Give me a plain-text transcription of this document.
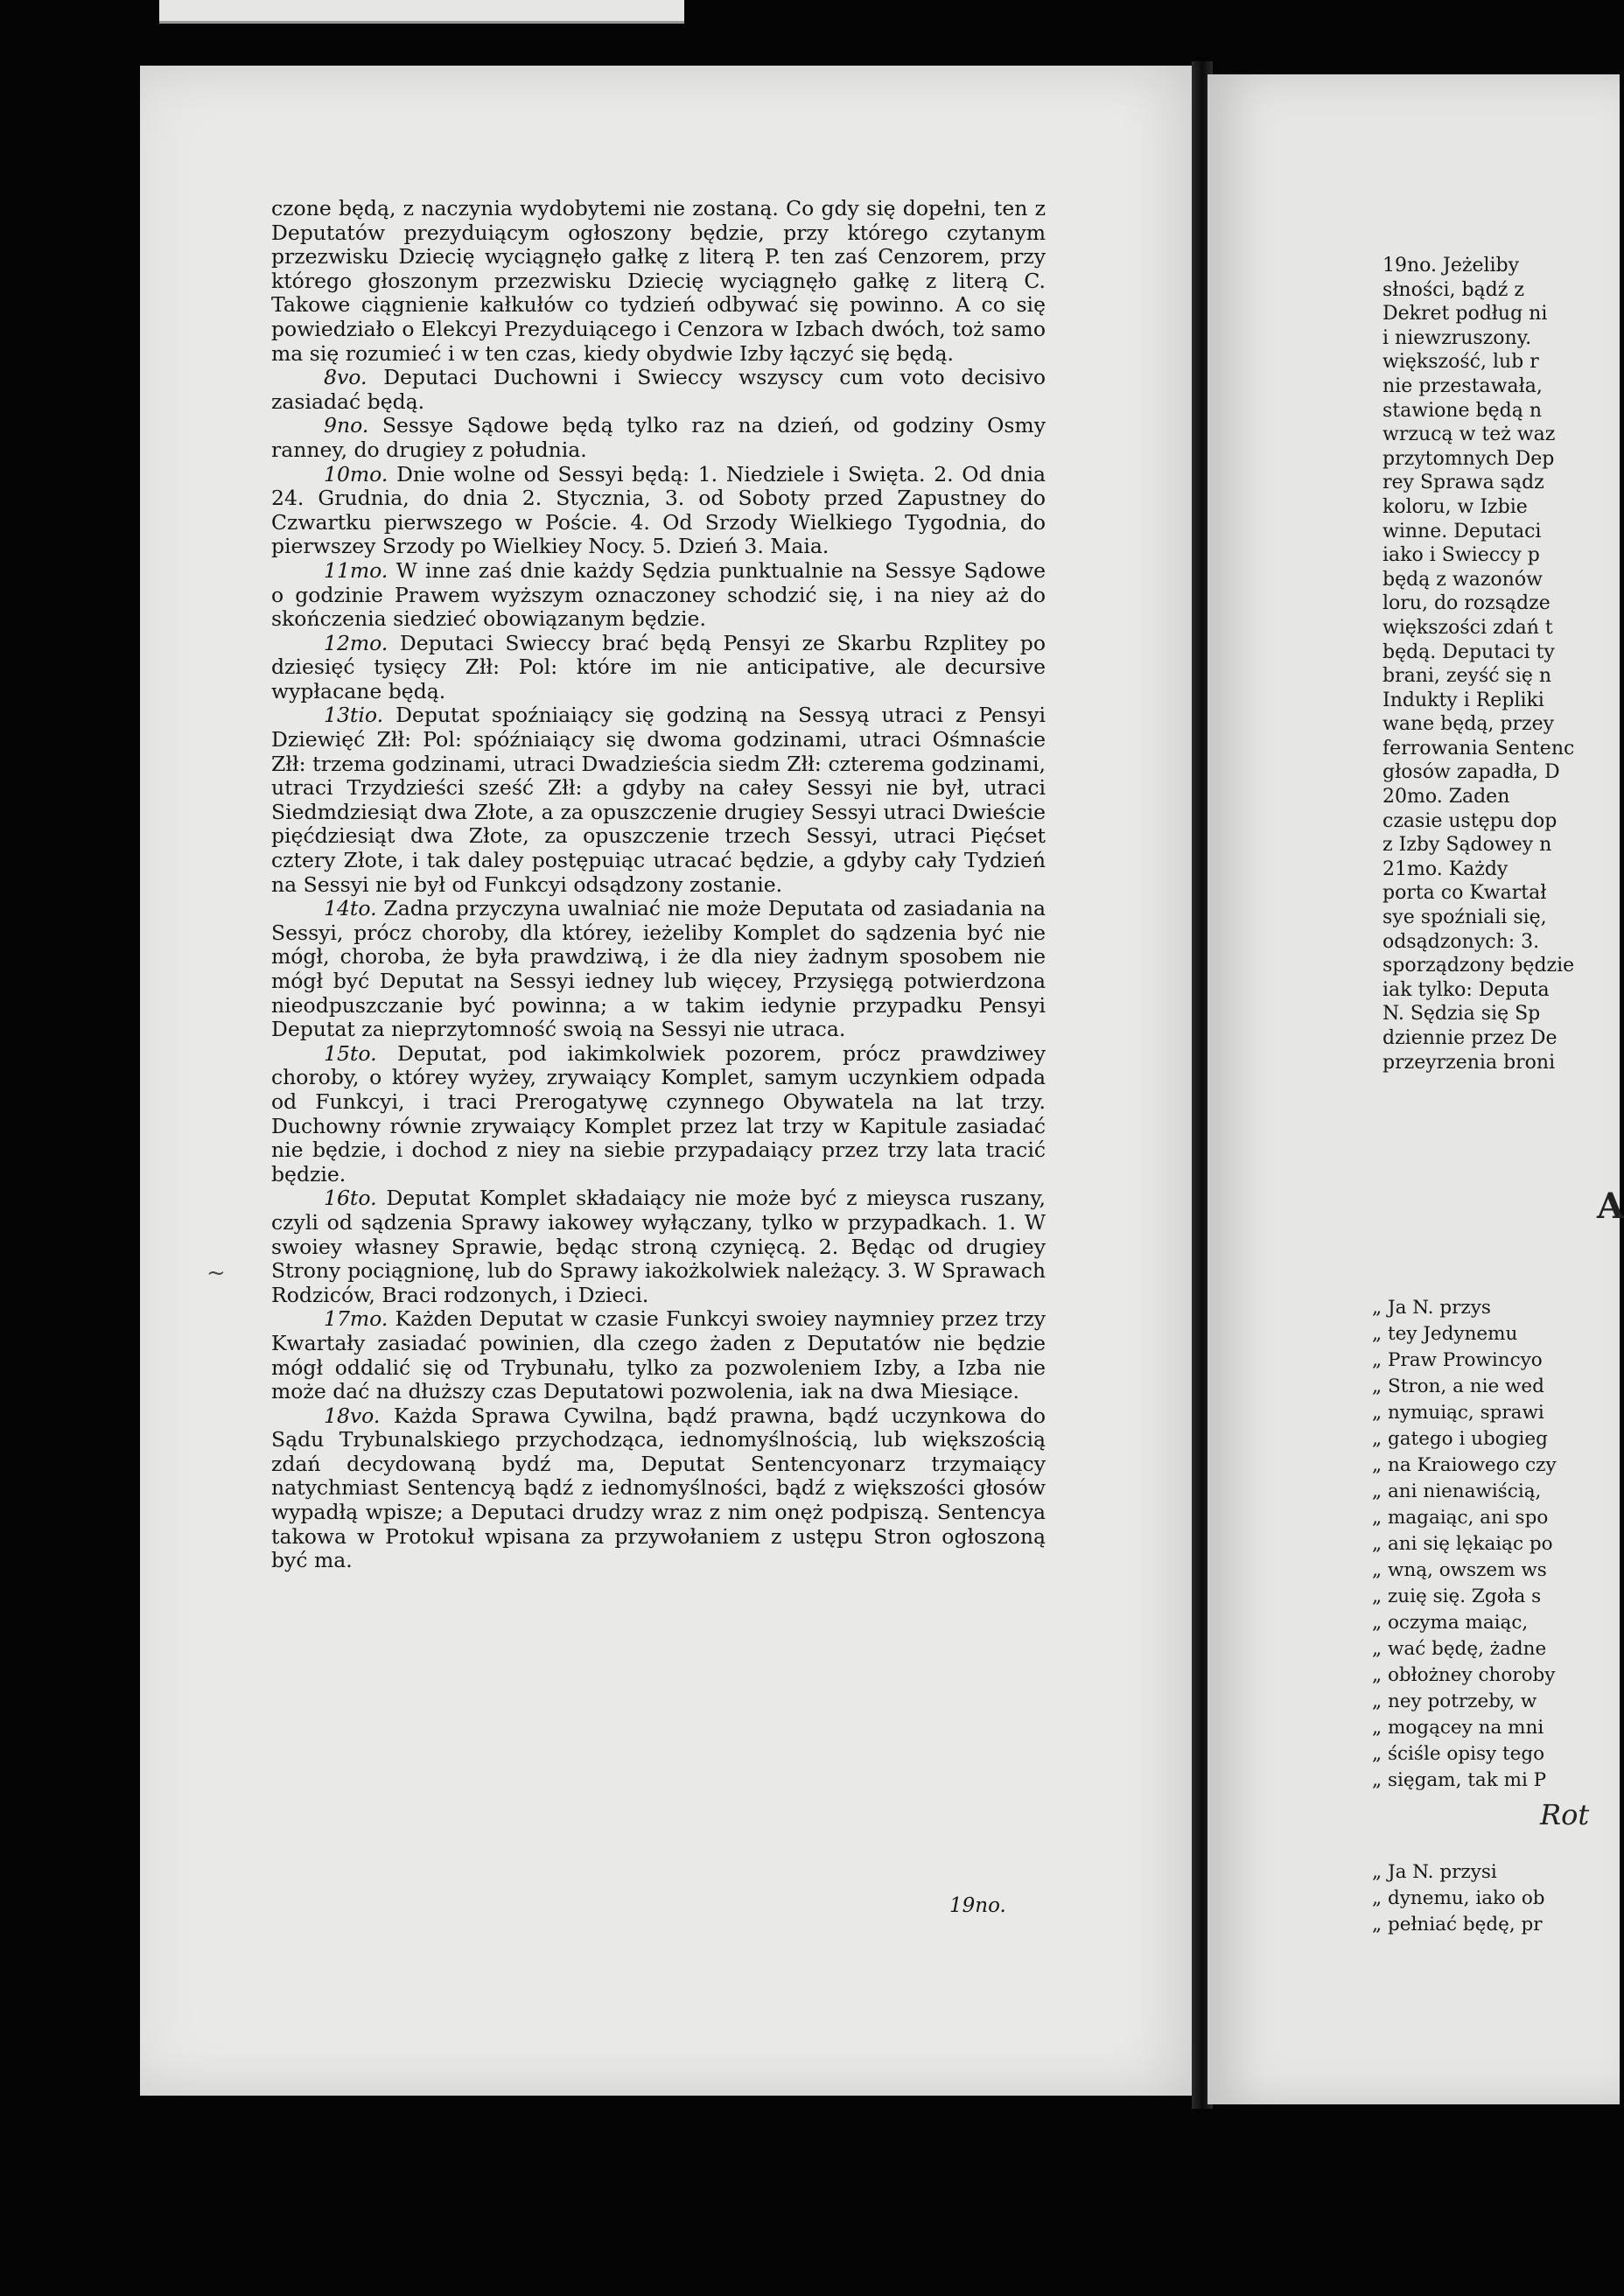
czone będą, z naczynia wydobytemi nie zostaną. Co gdy się dopełni, ten z Deputatów prezyduiącym ogłoszony będzie, przy którego czytanym przezwisku Dziecię wyciągnęło gałkę z literą P. ten zaś Cenzorem, przy którego głoszonym przezwisku Dziecię wyciągnęło gałkę z literą C. Takowe ciągnienie kałkułów co tydzień odbywać się powinno. A co się powiedziało o Elekcyi Prezyduiącego i Cenzora w Izbach dwóch, toż samo ma się rozumieć i w ten czas, kiedy obydwie Izby łączyć się będą.

8vo. Deputaci Duchowni i Swieccy wszyscy cum voto decisivo zasiadać będą.

9no. Sessye Sądowe będą tylko raz na dzień, od godziny Osmy ranney, do drugiey z południa.

10mo. Dnie wolne od Sessyi będą: 1. Niedziele i Swięta. 2. Od dnia 24. Grudnia, do dnia 2. Stycznia, 3. od Soboty przed Zapustney do Czwartku pierwszego w Poście. 4. Od Srzody Wielkiego Tygodnia, do pierwszey Srzody po Wielkiey Nocy. 5. Dzień 3. Maia.

11mo. W inne zaś dnie każdy Sędzia punktualnie na Sessye Sądowe o godzinie Prawem wyższym oznaczoney schodzić się, i na niey aż do skończenia siedzieć obowiązanym będzie.

12mo. Deputaci Swieccy brać będą Pensyi ze Skarbu Rzplitey po dziesięć tysięcy Złł: Pol: które im nie anticipative, ale decursive wypłacane będą.

13tio. Deputat spoźniaiący się godziną na Sessyą utraci z Pensyi Dziewięć Złł: Pol: spóźniaiący się dwoma godzinami, utraci Ośmnaście Złł: trzema godzinami, utraci Dwadzieścia siedm Złł: czterema godzinami, utraci Trzydzieści sześć Złł: a gdyby na całey Sessyi nie był, utraci Siedmdziesiąt dwa Złote, a za opuszczenie drugiey Sessyi utraci Dwieście pięćdziesiąt dwa Złote, za opuszczenie trzech Sessyi, utraci Pięćset cztery Złote, i tak daley postępuiąc utracać będzie, a gdyby cały Tydzień na Sessyi nie był od Funkcyi odsądzony zostanie.

14to. Zadna przyczyna uwalniać nie może Deputata od zasiadania na Sessyi, prócz choroby, dla którey, ieżeliby Komplet do sądzenia być nie mógł, choroba, że była prawdziwą, i że dla niey żadnym sposobem nie mógł być Deputat na Sessyi iedney lub więcey, Przysięgą potwierdzona nieodpuszczanie być powinna; a w takim iedynie przypadku Pensyi Deputat za nieprzytomność swoią na Sessyi nie utraca.

15to. Deputat, pod iakimkolwiek pozorem, prócz prawdziwey choroby, o którey wyżey, zrywaiący Komplet, samym uczynkiem odpada od Funkcyi, i traci Prerogatywę czynnego Obywatela na lat trzy. Duchowny równie zrywaiący Komplet przez lat trzy w Kapitule zasiadać nie będzie, i dochod z niey na siebie przypadaiący przez trzy lata tracić będzie.

16to. Deputat Komplet składaiący nie może być z mieysca ruszany, czyli od sądzenia Sprawy iakowey wyłączany, tylko w przypadkach. 1. W swoiey własney Sprawie, będąc stroną czynięcą. 2. Będąc od drugiey Strony pociągnionę, lub do Sprawy iakożkolwiek należący. 3. W Sprawach Rodziców, Braci rodzonych, i Dzieci.

17mo. Każden Deputat w czasie Funkcyi swoiey naymniey przez trzy Kwartały zasiadać powinien, dla czego żaden z Deputatów nie będzie mógł oddalić się od Trybunału, tylko za pozwoleniem Izby, a Izba nie może dać na dłuższy czas Deputatowi pozwolenia, iak na dwa Miesiące.

18vo. Każda Sprawa Cywilna, bądź prawna, bądź uczynkowa do Sądu Trybunalskiego przychodząca, iednomyślnością, lub większością zdań decydowaną bydź ma, Deputat Sentencyonarz trzymaiący natychmiast Sentencyą bądź z iednomyślności, bądź z większości głosów wypadłą wpisze; a Deputaci drudzy wraz z nim onęż podpiszą. Sentencya takowa w Protokuł wpisana za przywołaniem z ustępu Stron ogłoszoną być ma.

~
19no.
19no. Jeżeliby
słności, bądź z
Dekret podług ni
i niewzruszony.
większość, lub r
nie przestawała,
stawione będą n
wrzucą w też waz
przytomnych Dep
rey Sprawa sądz
koloru, w Izbie
winne. Deputaci
iako i Swieccy p
będą z wazonów
loru, do rozsądze
większości zdań t
będą. Deputaci ty
brani, zeyść się n
Indukty i Repliki
wane będą, przey
ferrowania Sentenc
głosów zapadła, D
20mo. Zaden
czasie ustępu dop
z Izby Sądowey n
21mo. Każdy
porta co Kwartał
sye spoźniali się,
odsądzonych: 3.
sporządzony będzie
iak tylko: Deputa
N. Sędzia się Sp
dziennie przez De
przeyrzenia broni
A
„ Ja N. przys
„ tey Jedynemu
„ Praw Prowincyo
„ Stron, a nie wed
„ nymuiąc, sprawi
„ gatego i ubogieg
„ na Kraiowego czy
„ ani nienawiścią,
„ magaiąc, ani spo
„ ani się lękaiąc po
„ wną, owszem ws
„ zuię się. Zgoła s
„ oczyma maiąc,
„ wać będę, żadne
„ obłożney choroby
„ ney potrzeby, w
„ mogącey na mni
„ ściśle opisy tego
„ sięgam, tak mi P
Rot
„ Ja N. przysi
„ dynemu, iako ob
„ pełniać będę, pr
